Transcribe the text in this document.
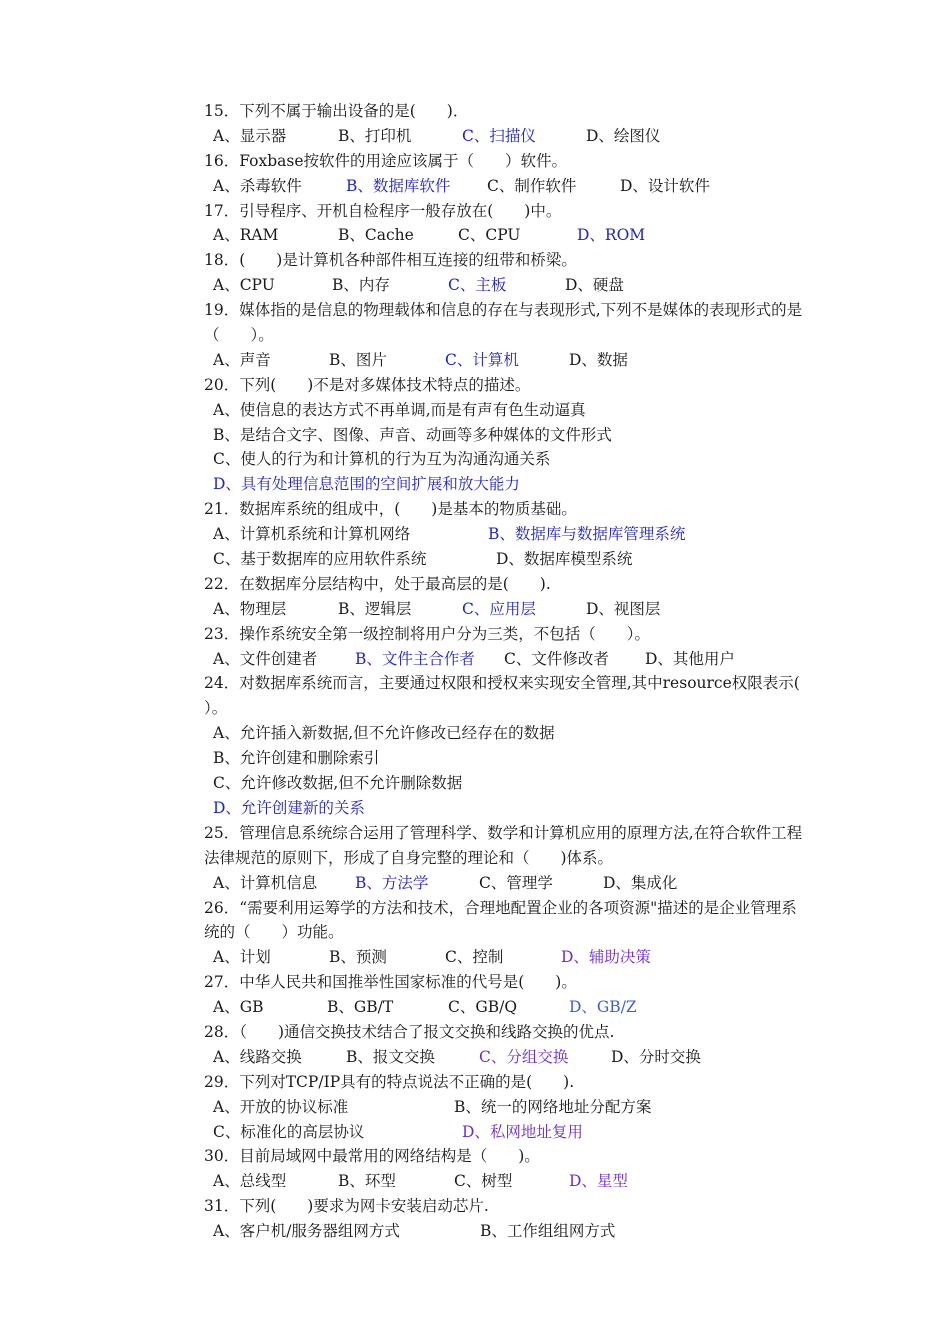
15．下列不属于输出设备的是(　　)．
A、显示器	B、打印机	C、扫描仪	D、绘图仪
16．Foxbase按软件的用途应该属于（　　）软件。
A、杀毒软件	B、数据库软件 C、制作软件	D、设计软件
17．引导程序、开机自检程序一般存放在(　　)中。
A、RAM	B、Cache	C、CPU	D、ROM
18．(　　)是计算机各种部件相互连接的纽带和桥梁。
A、CPU	B、内存	C、主板	D、硬盘
19．媒体指的是信息的物理载体和信息的存在与表现形式,下列不是媒体的表现形式的是
（　　）。
A、声音	B、图片	C、计算机	D、数据
20．下列(　　)不是对多媒体技术特点的描述。
A、使信息的表达方式不再单调,而是有声有色生动逼真
B、是结合文字、图像、声音、动画等多种媒体的文件形式
C、使人的行为和计算机的行为互为沟通沟通关系
D、具有处理信息范围的空间扩展和放大能力
21．数据库系统的组成中，(　　)是基本的物质基础。
A、计算机系统和计算机网络	B、数据库与数据库管理系统
C、基于数据库的应用软件系统	D、数据库模型系统
22．在数据库分层结构中，处于最高层的是(　　).
A、物理层	B、逻辑层	C、应用层	D、视图层
23．操作系统安全第一级控制将用户分为三类，不包括（　　）。
A、文件创建者 B、文件主合作者 C、文件修改者 D、其他用户
24．对数据库系统而言，主要通过权限和授权来实现安全管理,其中resource权限表示(
）。
A、允许插入新数据,但不允许修改已经存在的数据
B、允许创建和删除索引
C、允许修改数据,但不允许删除数据
D、允许创建新的关系
25．管理信息系统综合运用了管理科学、数学和计算机应用的原理方法,在符合软件工程
法律规范的原则下，形成了自身完整的理论和（　　)体系。
A、计算机信息 B、方法学	C、管理学	D、集成化
26．“需要利用运筹学的方法和技术，合理地配置企业的各项资源"描述的是企业管理系
统的（　　）功能。
A、计划	B、预测	C、控制	D、辅助决策
27．中华人民共和国推举性国家标准的代号是(　　)。
A、GB	B、GB/T	C、GB/Q	D、GB/Z
28．（　　)通信交换技术结合了报文交换和线路交换的优点.
A、线路交换	B、报文交换	C、分组交换	D、分时交换
29．下列对TCP/IP具有的特点说法不正确的是(　　).
A、开放的协议标准	B、统一的网络地址分配方案
C、标准化的高层协议	D、私网地址复用
30．目前局域网中最常用的网络结构是（　　)。
A、总线型	B、环型	C、树型	D、星型
31．下列(　　)要求为网卡安装启动芯片.
A、客户机/服务器组网方式	B、工作组组网方式
